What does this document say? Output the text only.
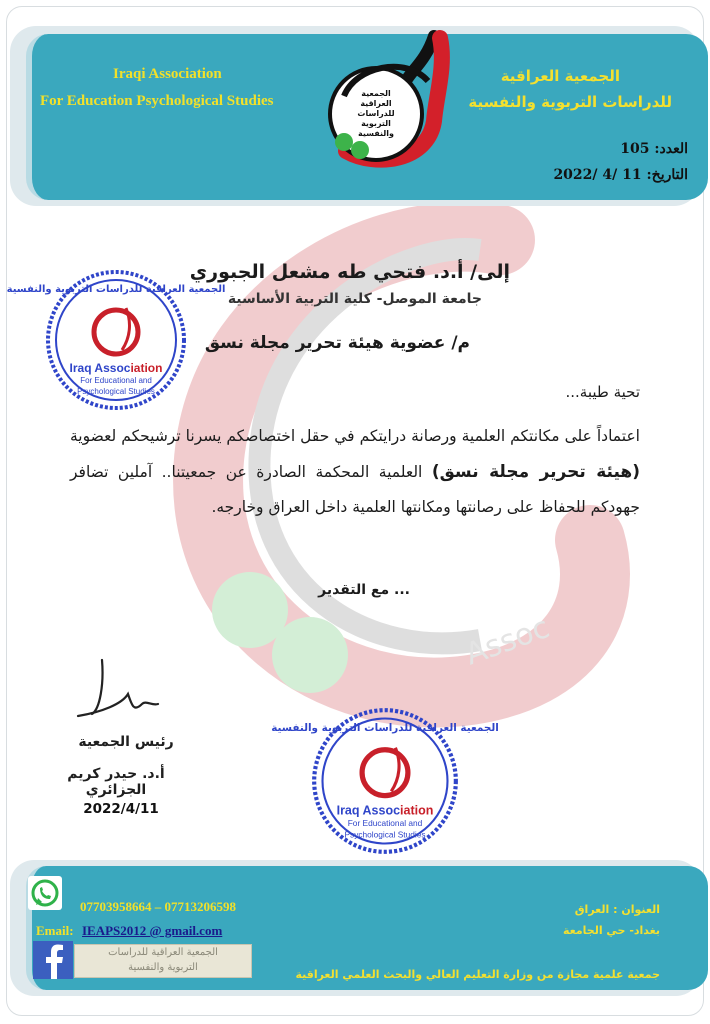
Assoc
Iraqi Association
For Education Psychological Studies
الجمعية العراقية
للدراسات التربوية والنفسية
العدد: 105
التاريخ: 2022/ 4/ 11
الجمعية
العراقية
للدراسات
التربوية
والنفسية
إلى/ أ.د. فتحي طه مشعل الجبوري
جامعة الموصل- كلية التربية الأساسية
م/ عضوية هيئة تحرير مجلة نسق
تحية طيبة...
اعتماداً على مكانتكم العلمية ورصانة درايتكم في حقل اختصاصكم يسرنا ترشيحكم لعضوية (هيئة تحرير مجلة نسق) العلمية المحكمة الصادرة عن جمعيتنا.. آملين تضافر جهودكم للحفاظ على رصانتها ومكانتها العلمية داخل العراق وخارجه.
... مع التقدير
الجمعية العراقية للدراسات التربوية والنفسية
Iraq Association
For Educational and
Psychological Studies
الجمعية العراقية للدراسات التربوية والنفسية
Iraq Association
For Educational and
Psychological Studies
رئيس الجمعية
أ.د. حيدر كريم الجزائري
2022/4/11
07703958664 – 07713206598
Email: IEAPS2012 @ gmail.com
الجمعية العراقية للدراسات
التربوية والنفسية
العنوان : العراق
بغداد- حي الجامعة
جمعية علمية مجازة من وزارة التعليم العالي والبحث العلمي العراقية
